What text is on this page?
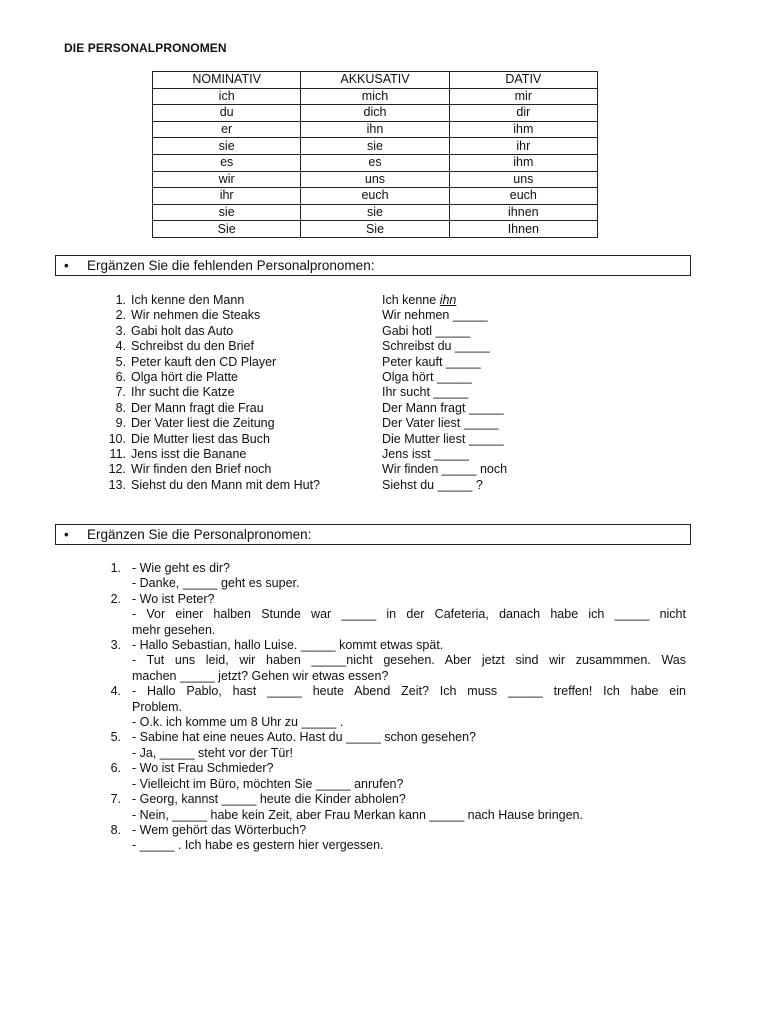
DIE PERSONALPRONOMEN
NOMINATIV	AKKUSATIV	DATIV
ich	mich	mir
du	dich	dir
er	ihn	ihm
sie	sie	ihr
es	es	ihm
wir	uns	uns
ihr	euch	euch
sie	sie	ihnen
Sie	Sie	Ihnen
• Ergänzen Sie die fehlenden Personalpronomen:
1. Ich kenne den Mann	Ich kenne ihn
2. Wir nehmen die Steaks	Wir nehmen _____
3. Gabi holt das Auto	Gabi hotl _____
4. Schreibst du den Brief	Schreibst du _____
5. Peter kauft den CD Player	Peter kauft _____
6. Olga hört die Platte	Olga hört _____
7. Ihr sucht die Katze	Ihr sucht _____
8. Der Mann fragt die Frau	Der Mann fragt _____
9. Der Vater liest die Zeitung	Der Vater liest _____
10. Die Mutter liest das Buch	Die Mutter liest _____
11. Jens isst die Banane	Jens isst _____
12. Wir finden den Brief noch	Wir finden _____ noch
13. Siehst du den Mann mit dem Hut?	Siehst du _____ ?
• Ergänzen Sie die Personalpronomen:
1. - Wie geht es dir?
- Danke, _____ geht es super.
2. - Wo ist Peter?
- Vor einer halben Stunde war _____ in der Cafeteria, danach habe ich _____ nicht
mehr gesehen.
3. - Hallo Sebastian, hallo Luise. _____ kommt etwas spät.
- Tut uns leid, wir haben _____nicht gesehen. Aber jetzt sind wir zusammmen. Was
machen _____ jetzt? Gehen wir etwas essen?
4. - Hallo Pablo, hast _____ heute Abend Zeit? Ich muss _____ treffen! Ich habe ein
Problem.
- O.k. ich komme um 8 Uhr zu _____ .
5. - Sabine hat eine neues Auto. Hast du _____ schon gesehen?
- Ja, _____ steht vor der Tür!
6. - Wo ist Frau Schmieder?
- Vielleicht im Büro, möchten Sie _____ anrufen?
7. - Georg, kannst _____ heute die Kinder abholen?
- Nein, _____ habe kein Zeit, aber Frau Merkan kann _____ nach Hause bringen.
8. - Wem gehört das Wörterbuch?
- _____ . Ich habe es gestern hier vergessen.
